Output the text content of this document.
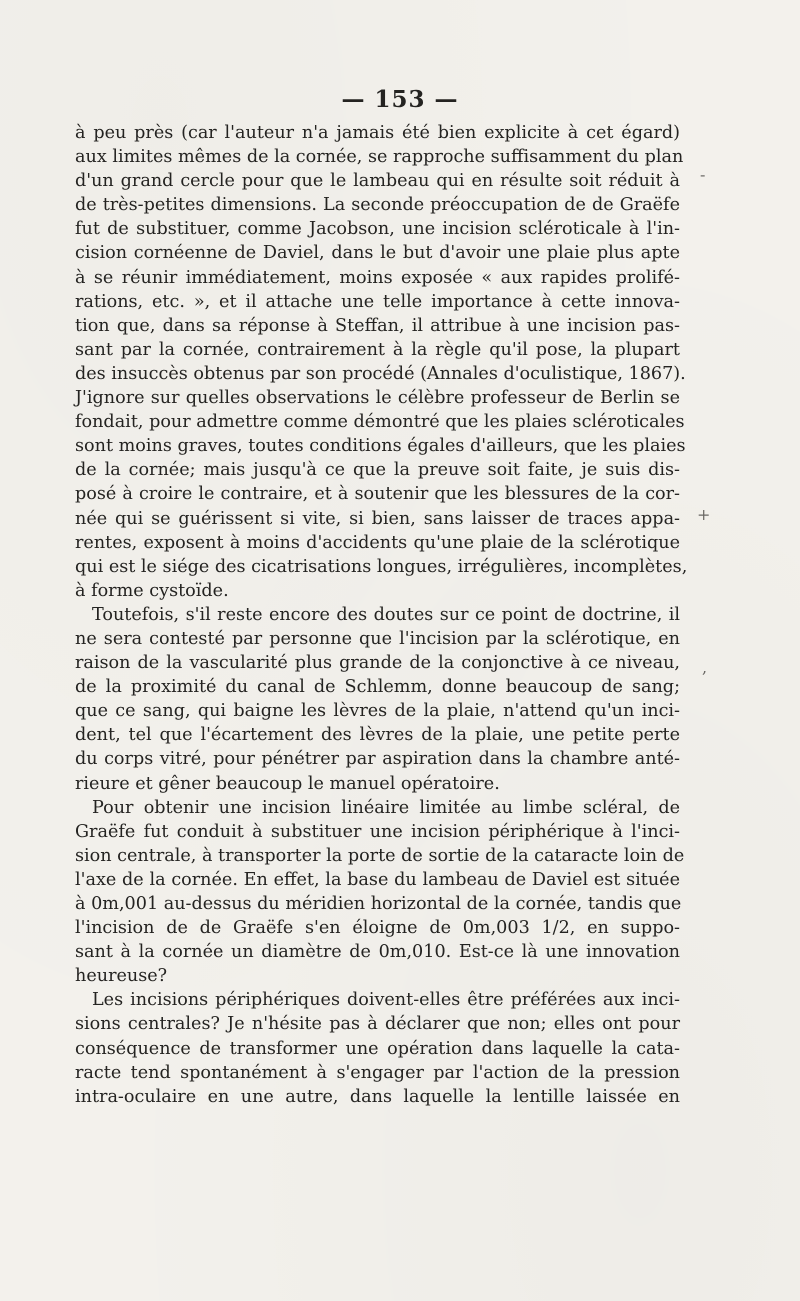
— 153 —
à peu près (car l'auteur n'a jamais été bien explicite à cet égard)
aux limites mêmes de la cornée, se rapproche suffisamment du plan
d'un grand cercle pour que le lambeau qui en résulte soit réduit à
de très-petites dimensions. La seconde préoccupation de de Graëfe
fut de substituer, comme Jacobson, une incision scléroticale à l'in-
cision cornéenne de Daviel, dans le but d'avoir une plaie plus apte
à se réunir immédiatement, moins exposée « aux rapides prolifé-
rations, etc. », et il attache une telle importance à cette innova-
tion que, dans sa réponse à Steffan, il attribue à une incision pas-
sant par la cornée, contrairement à la règle qu'il pose, la plupart
des insuccès obtenus par son procédé (Annales d'oculistique, 1867).
J'ignore sur quelles observations le célèbre professeur de Berlin se
fondait, pour admettre comme démontré que les plaies scléroticales
sont moins graves, toutes conditions égales d'ailleurs, que les plaies
de la cornée; mais jusqu'à ce que la preuve soit faite, je suis dis-
posé à croire le contraire, et à soutenir que les blessures de la cor-
née qui se guérissent si vite, si bien, sans laisser de traces appa-
rentes, exposent à moins d'accidents qu'une plaie de la sclérotique
qui est le siége des cicatrisations longues, irrégulières, incomplètes,
à forme cystoïde.
Toutefois, s'il reste encore des doutes sur ce point de doctrine, il
ne sera contesté par personne que l'incision par la sclérotique, en
raison de la vascularité plus grande de la conjonctive à ce niveau,
de la proximité du canal de Schlemm, donne beaucoup de sang;
que ce sang, qui baigne les lèvres de la plaie, n'attend qu'un inci-
dent, tel que l'écartement des lèvres de la plaie, une petite perte
du corps vitré, pour pénétrer par aspiration dans la chambre anté-
rieure et gêner beaucoup le manuel opératoire.
Pour obtenir une incision linéaire limitée au limbe scléral, de
Graëfe fut conduit à substituer une incision périphérique à l'inci-
sion centrale, à transporter la porte de sortie de la cataracte loin de
l'axe de la cornée. En effet, la base du lambeau de Daviel est située
à 0m,001 au-dessus du méridien horizontal de la cornée, tandis que
l'incision de de Graëfe s'en éloigne de 0m,003 1/2, en suppo-
sant à la cornée un diamètre de 0m,010. Est-ce là une innovation
heureuse?
Les incisions périphériques doivent-elles être préférées aux inci-
sions centrales? Je n'hésite pas à déclarer que non; elles ont pour
conséquence de transformer une opération dans laquelle la cata-
racte tend spontanément à s'engager par l'action de la pression
intra-oculaire en une autre, dans laquelle la lentille laissée en
-
+
,
